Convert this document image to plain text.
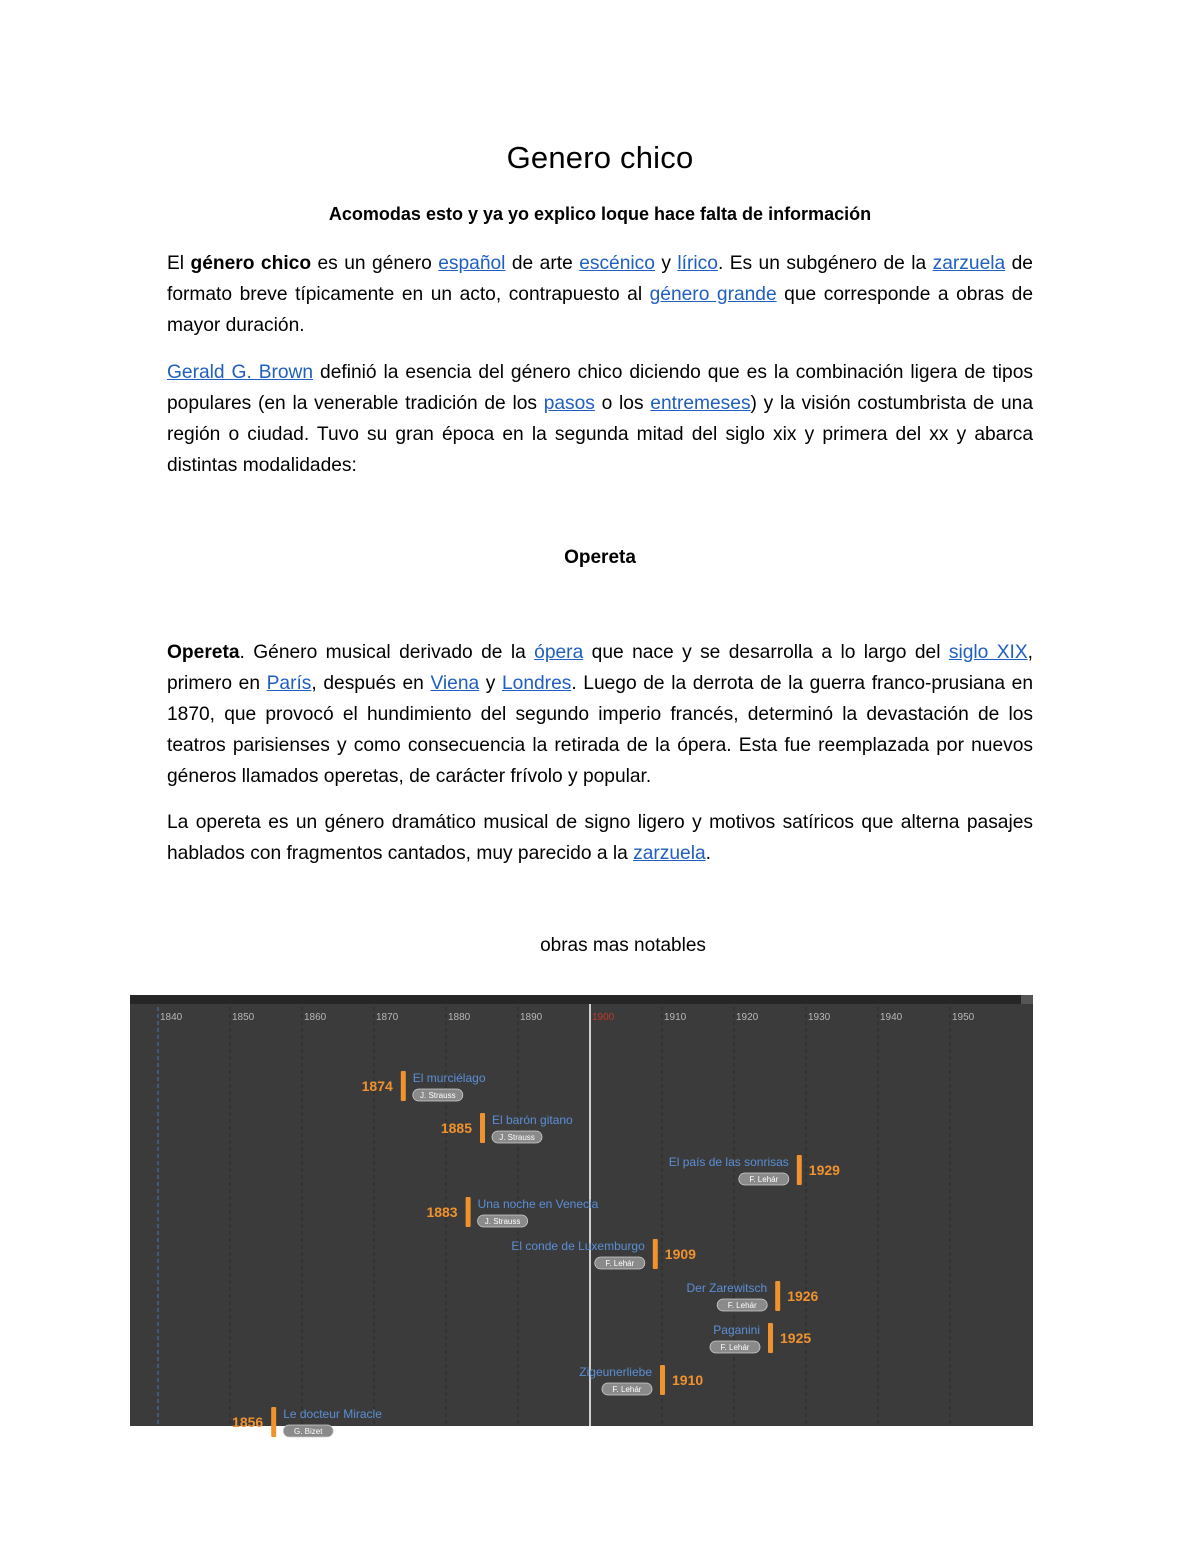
Genero chico

Acomodas esto y ya yo explico loque hace falta de información

El género chico es un género español de arte escénico y lírico. Es un subgénero de la zarzuela de formato breve típicamente en un acto, contrapuesto al género grande que corresponde a obras de mayor duración.

Gerald G. Brown definió la esencia del género chico diciendo que es la combinación ligera de tipos populares (en la venerable tradición de los pasos o los entremeses) y la visión costumbrista de una región o ciudad. Tuvo su gran época en la segunda mitad del siglo xix y primera del xx y abarca distintas modalidades:

Opereta

Opereta. Género musical derivado de la ópera que nace y se desarrolla a lo largo del siglo XIX, primero en París, después en Viena y Londres. Luego de la derrota de la guerra franco-prusiana en 1870, que provocó el hundimiento del segundo imperio francés, determinó la devastación de los teatros parisienses y como consecuencia la retirada de la ópera. Esta fue reemplazada por nuevos géneros llamados operetas, de carácter frívolo y popular.

La opereta es un género dramático musical de signo ligero y motivos satíricos que alterna pasajes hablados con fragmentos cantados, muy parecido a la zarzuela.

obras mas notables

1840	1850	1860	1870	1880	1890	1900	1910	1920	1930	1940	1950
1874 El murciélago
J. Strauss
1885 El barón gitano
J. Strauss
1929
El país de las sonrisas
F. Lehár
1883 Una noche en Venecia
J. Strauss
1909
El conde de Luxemburgo
F. Lehár
1926
Der Zarewitsch
F. Lehár
1925
Paganini
F. Lehár
1910
Zigeunerliebe
F. Lehár
1856 Le docteur Miracle
G. Bizet
